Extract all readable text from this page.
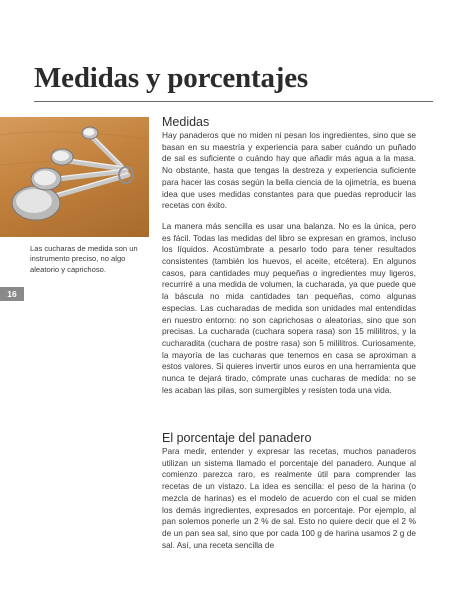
Medidas y porcentajes
Las cucharas de medida son un instrumento preciso, no algo aleatorio y caprichoso.
16
Medidas

Hay panaderos que no miden ni pesan los ingredientes, sino que se basan en su maestría y experiencia para saber cuándo un puñado de sal es suficiente o cuándo hay que añadir más agua a la masa. No obstante, hasta que tengas la destreza y experiencia suficiente para hacer las cosas según la bella ciencia de la ojimetría, es buena idea que uses medidas constantes para que puedas reproducir las recetas con éxito.

La manera más sencilla es usar una balanza. No es la única, pero es fácil. Todas las medidas del libro se expresan en gramos, incluso los líquidos. Acostúmbrate a pesarlo todo para tener resultados consistentes (también los huevos, el aceite, etcétera). En algunos casos, para cantidades muy pequeñas o ingredientes muy ligeros, recurriré a una medida de volumen, la cucharada, ya que puede que la báscula no mida cantidades tan pequeñas, como algunas especias. Las cucharadas de medida son unidades mal entendidas en nuestro entorno: no son caprichosas o aleatorias, sino que son precisas. La cucharada (cuchara sopera rasa) son 15 mililitros, y la cucharadita (cuchara de postre rasa) son 5 mililitros. Curiosamente, la mayoría de las cucharas que tenemos en casa se aproximan a estos valores. Si quieres invertir unos euros en una herramienta que nunca te dejará tirado, cómprate unas cucharas de medida: no se les acaban las pilas, son sumergibles y resisten toda una vida.

El porcentaje del panadero

Para medir, entender y expresar las recetas, muchos panaderos utilizan un sistema llamado el porcentaje del panadero. Aunque al comienzo parezca raro, es realmente útil para comprender las recetas de un vistazo. La idea es sencilla: el peso de la harina (o mezcla de harinas) es el modelo de acuerdo con el cual se miden los demás ingredientes, expresados en porcentaje. Por ejemplo, al pan solemos ponerle un 2 % de sal. Esto no quiere decir que el 2 % de un pan sea sal, sino que por cada 100 g de harina usamos 2 g de sal. Así, una receta sencilla de
